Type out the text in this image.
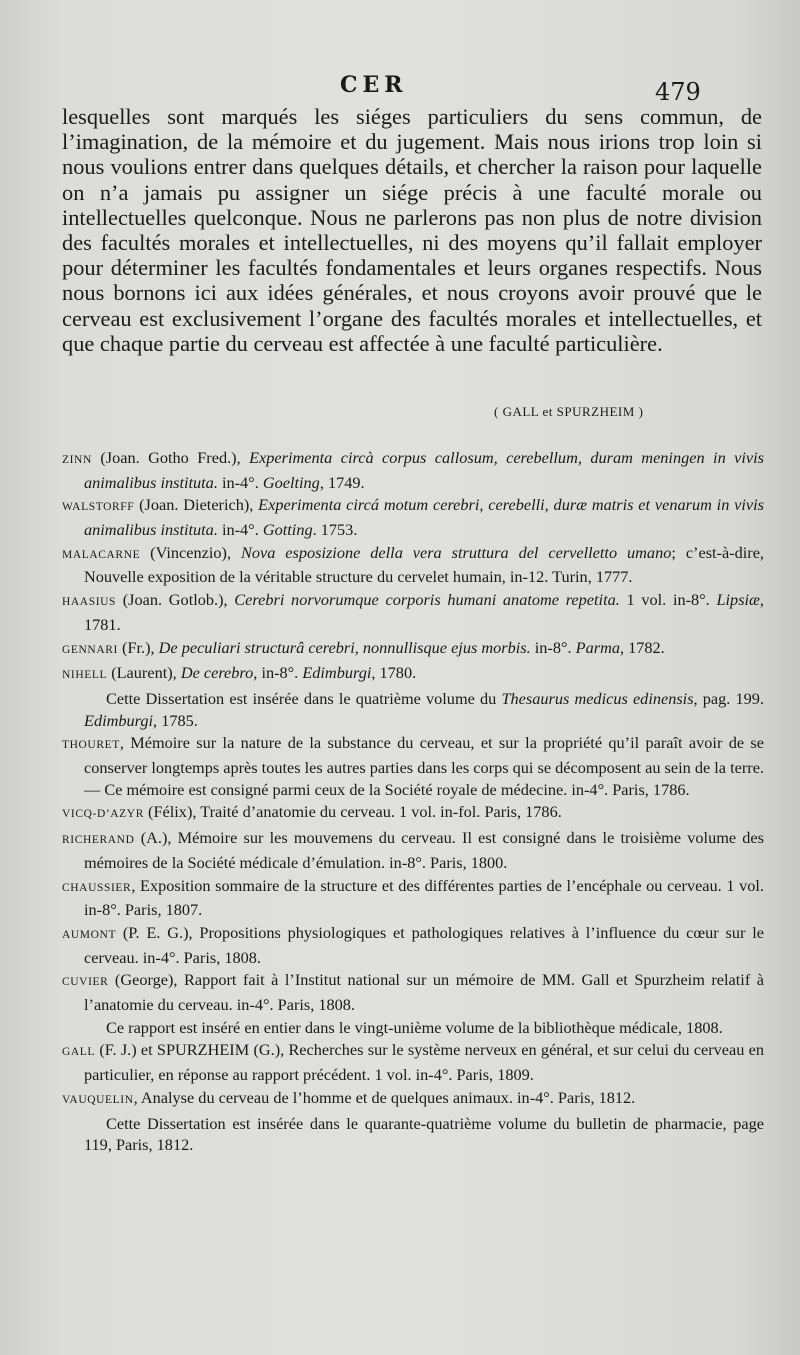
CER	479

lesquelles sont marqués les siéges particuliers du sens commun, de l’imagination, de la mémoire et du jugement. Mais nous irions trop loin si nous voulions entrer dans quelques détails, et chercher la raison pour laquelle on n’a jamais pu assigner un siége précis à une faculté morale ou intellectuelles quelconque. Nous ne parlerons pas non plus de notre division des facultés morales et intellectuelles, ni des moyens qu’il fallait employer pour déterminer les facultés fondamentales et leurs organes respectifs. Nous nous bornons ici aux idées générales, et nous croyons avoir prouvé que le cerveau est exclusivement l’organe des facultés morales et intellectuelles, et que chaque partie du cerveau est affectée à une faculté particulière.

( GALL et SPURZHEIM )

ZINN (Joan. Gotho Fred.), Experimenta circà corpus callosum, cerebellum, duram meningen in vivis animalibus instituta. in-4°. Goelting, 1749.

WALSTORFF (Joan. Dieterich), Experimenta circá motum cerebri, cerebelli, duræ matris et venarum in vivis animalibus instituta. in-4°. Gotting. 1753.

MALACARNE (Vincenzio), Nova esposizione della vera struttura del cervelletto umano; c’est-à-dire, Nouvelle exposition de la véritable structure du cervelet humain, in-12. Turin, 1777.

HAASIUS (Joan. Gotlob.), Cerebri norvorumque corporis humani anatome repetita. 1 vol. in-8°. Lipsiæ, 1781.

GENNARI (Fr.), De peculiari structurâ cerebri, nonnullisque ejus morbis. in-8°. Parma, 1782.

NIHELL (Laurent), De cerebro, in-8°. Edimburgi, 1780.

Cette Dissertation est insérée dans le quatrième volume du Thesaurus medicus edinensis, pag. 199. Edimburgi, 1785.

THOURET, Mémoire sur la nature de la substance du cerveau, et sur la propriété qu’il paraît avoir de se conserver longtemps après toutes les autres parties dans les corps qui se décomposent au sein de la terre. — Ce mémoire est consigné parmi ceux de la Société royale de médecine. in-4°. Paris, 1786.

VICQ-D’AZYR (Félix), Traité d’anatomie du cerveau. 1 vol. in-fol. Paris, 1786.

RICHERAND (A.), Mémoire sur les mouvemens du cerveau. Il est consigné dans le troisième volume des mémoires de la Société médicale d’émulation. in-8°. Paris, 1800.

CHAUSSIER, Exposition sommaire de la structure et des différentes parties de l’encéphale ou cerveau. 1 vol. in-8°. Paris, 1807.

AUMONT (P. E. G.), Propositions physiologiques et pathologiques relatives à l’influence du cœur sur le cerveau. in-4°. Paris, 1808.

CUVIER (George), Rapport fait à l’Institut national sur un mémoire de MM. Gall et Spurzheim relatif à l’anatomie du cerveau. in-4°. Paris, 1808.

Ce rapport est inséré en entier dans le vingt-unième volume de la bibliothèque médicale, 1808.

GALL (F. J.) et SPURZHEIM (G.), Recherches sur le système nerveux en général, et sur celui du cerveau en particulier, en réponse au rapport précédent. 1 vol. in-4°. Paris, 1809.

VAUQUELIN, Analyse du cerveau de l’homme et de quelques animaux. in-4°. Paris, 1812.

Cette Dissertation est insérée dans le quarante-quatrième volume du bulletin de pharmacie, page 119, Paris, 1812.
